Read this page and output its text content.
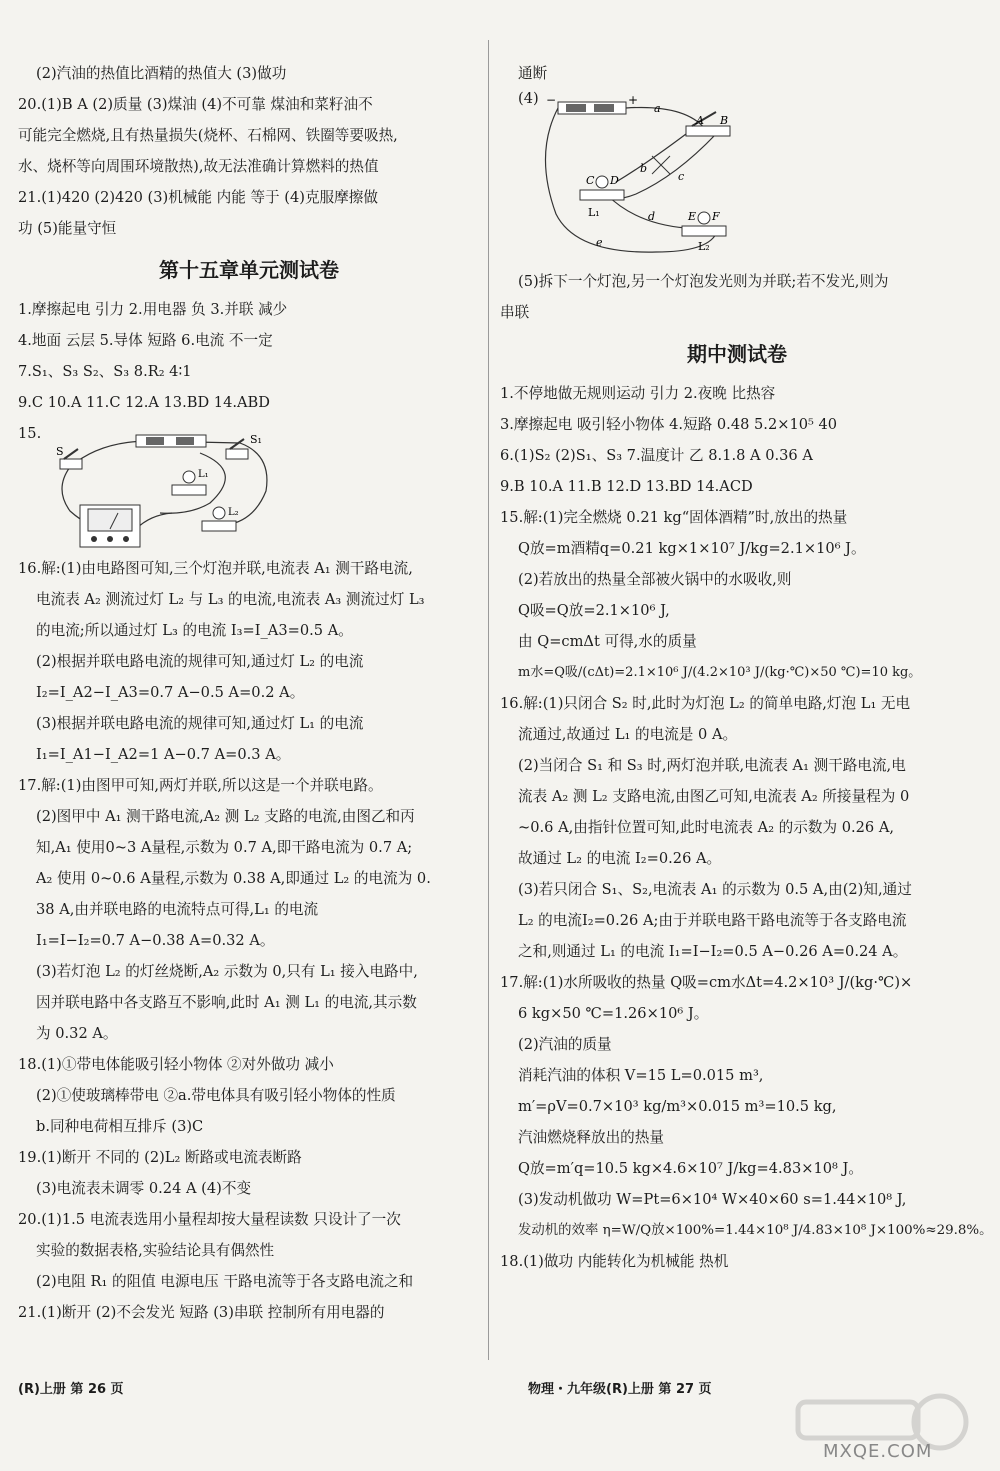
(2)汽油的热值比酒精的热值大 (3)做功
20.(1)B A (2)质量 (3)煤油 (4)不可靠 煤油和菜籽油不
可能完全燃烧,且有热量损失(烧杯、石棉网、铁圈等要吸热,
水、烧杯等向周围环境散热),故无法准确计算燃料的热值
21.(1)420 (2)420 (3)机械能 内能 等于 (4)克服摩擦做
功 (5)能量守恒
第十五章单元测试卷
1.摩擦起电 引力 2.用电器 负 3.并联 减少
4.地面 云层 5.导体 短路 6.电流 不一定
7.S₁、S₃ S₂、S₃ 8.R₂ 4∶1
9.C 10.A 11.C 12.A 13.BD 14.ABD
15.
S
S₁
L₁
L₂
16.解:(1)由电路图可知,三个灯泡并联,电流表 A₁ 测干路电流,
电流表 A₂ 测流过灯 L₂ 与 L₃ 的电流,电流表 A₃ 测流过灯 L₃
的电流;所以通过灯 L₃ 的电流 I₃=I_A3=0.5 A。
(2)根据并联电路电流的规律可知,通过灯 L₂ 的电流
I₂=I_A2−I_A3=0.7 A−0.5 A=0.2 A。
(3)根据并联电路电流的规律可知,通过灯 L₁ 的电流
I₁=I_A1−I_A2=1 A−0.7 A=0.3 A。
17.解:(1)由图甲可知,两灯并联,所以这是一个并联电路。
(2)图甲中 A₁ 测干路电流,A₂ 测 L₂ 支路的电流,由图乙和丙
知,A₁ 使用0~3 A量程,示数为 0.7 A,即干路电流为 0.7 A;
A₂ 使用 0~0.6 A量程,示数为 0.38 A,即通过 L₂ 的电流为 0.
38 A,由并联电路的电流特点可得,L₁ 的电流
I₁=I−I₂=0.7 A−0.38 A=0.32 A。
(3)若灯泡 L₂ 的灯丝烧断,A₂ 示数为 0,只有 L₁ 接入电路中,
因并联电路中各支路互不影响,此时 A₁ 测 L₁ 的电流,其示数
为 0.32 A。
18.(1)①带电体能吸引轻小物体 ②对外做功 减小
(2)①使玻璃棒带电 ②a.带电体具有吸引轻小物体的性质
b.同种电荷相互排斥 (3)C
19.(1)断开 不同的 (2)L₂ 断路或电流表断路
(3)电流表未调零 0.24 A (4)不变
20.(1)1.5 电流表选用小量程却按大量程读数 只设计了一次
实验的数据表格,实验结论具有偶然性
(2)电阻 R₁ 的阻值 电源电压 干路电流等于各支路电流之和
21.(1)断开 (2)不会发光 短路 (3)串联 控制所有用电器的
通断
(4) −	+
a
b
c
d
e
A B
C D
E F
L₁
L₂
(5)拆下一个灯泡,另一个灯泡发光则为并联;若不发光,则为
串联
期中测试卷
1.不停地做无规则运动 引力 2.夜晚 比热容
3.摩擦起电 吸引轻小物体 4.短路 0.48 5.2×10⁵ 40
6.(1)S₂ (2)S₁、S₃ 7.温度计 乙 8.1.8 A 0.36 A
9.B 10.A 11.B 12.D 13.BD 14.ACD
15.解:(1)完全燃烧 0.21 kg“固体酒精”时,放出的热量
Q放=m酒精q=0.21 kg×1×10⁷ J/kg=2.1×10⁶ J。
(2)若放出的热量全部被火锅中的水吸收,则
Q吸=Q放=2.1×10⁶ J,
由 Q=cmΔt 可得,水的质量
m水=Q吸/(cΔt)=2.1×10⁶ J/(4.2×10³ J/(kg·℃)×50 ℃)=10 kg。
16.解:(1)只闭合 S₂ 时,此时为灯泡 L₂ 的简单电路,灯泡 L₁ 无电
流通过,故通过 L₁ 的电流是 0 A。
(2)当闭合 S₁ 和 S₃ 时,两灯泡并联,电流表 A₁ 测干路电流,电
流表 A₂ 测 L₂ 支路电流,由图乙可知,电流表 A₂ 所接量程为 0
~0.6 A,由指针位置可知,此时电流表 A₂ 的示数为 0.26 A,
故通过 L₂ 的电流 I₂=0.26 A。
(3)若只闭合 S₁、S₂,电流表 A₁ 的示数为 0.5 A,由(2)知,通过
L₂ 的电流I₂=0.26 A;由于并联电路干路电流等于各支路电流
之和,则通过 L₁ 的电流 I₁=I−I₂=0.5 A−0.26 A=0.24 A。
17.解:(1)水所吸收的热量 Q吸=cm水Δt=4.2×10³ J/(kg·℃)×
6 kg×50 ℃=1.26×10⁶ J。
(2)汽油的质量
消耗汽油的体积 V=15 L=0.015 m³,
m′=ρV=0.7×10³ kg/m³×0.015 m³=10.5 kg,
汽油燃烧释放出的热量
Q放=m′q=10.5 kg×4.6×10⁷ J/kg=4.83×10⁸ J。
(3)发动机做功 W=Pt=6×10⁴ W×40×60 s=1.44×10⁸ J,
发动机的效率 η=W/Q放×100%=1.44×10⁸ J/4.83×10⁸ J×100%≈29.8%。
18.(1)做功 内能转化为机械能 热机
(R)上册 第 26 页	物理・九年级(R)上册 第 27 页
MXQE.COM
